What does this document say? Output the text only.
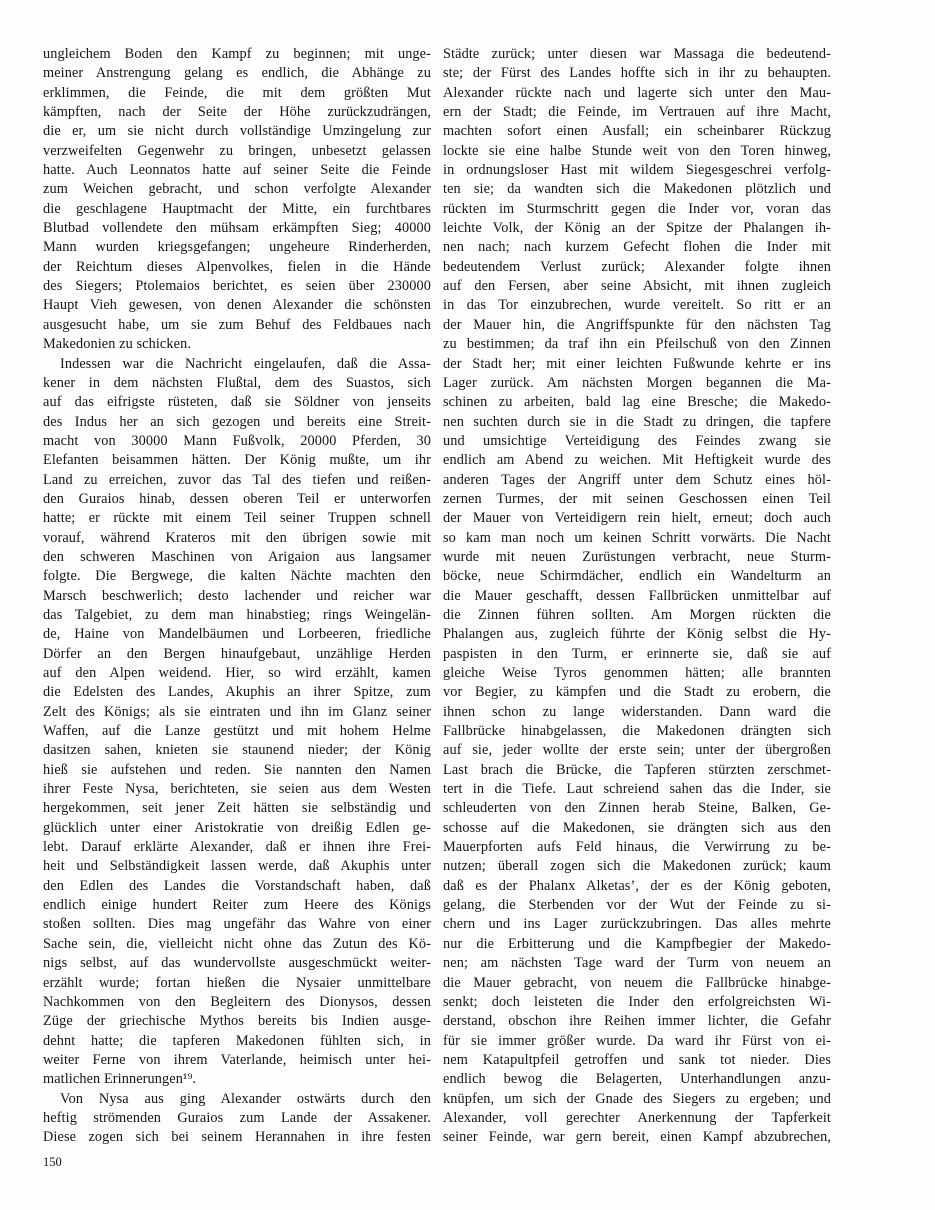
ungleichem Boden den Kampf zu beginnen; mit unge-
meiner Anstrengung gelang es endlich, die Abhänge zu
erklimmen, die Feinde, die mit dem größten Mut
kämpften, nach der Seite der Höhe zurückzudrängen,
die er, um sie nicht durch vollständige Umzingelung zur
verzweifelten Gegenwehr zu bringen, unbesetzt gelassen
hatte. Auch Leonnatos hatte auf seiner Seite die Feinde
zum Weichen gebracht, und schon verfolgte Alexander
die geschlagene Hauptmacht der Mitte, ein furchtbares
Blutbad vollendete den mühsam erkämpften Sieg; 40000
Mann wurden kriegsgefangen; ungeheure Rinderherden,
der Reichtum dieses Alpenvolkes, fielen in die Hände
des Siegers; Ptolemaios berichtet, es seien über 230000
Haupt Vieh gewesen, von denen Alexander die schönsten
ausgesucht habe, um sie zum Behuf des Feldbaues nach
Makedonien zu schicken.
Indessen war die Nachricht eingelaufen, daß die Assa-
kener in dem nächsten Flußtal, dem des Suastos, sich
auf das eifrigste rüsteten, daß sie Söldner von jenseits
des Indus her an sich gezogen und bereits eine Streit-
macht von 30000 Mann Fußvolk, 20000 Pferden, 30
Elefanten beisammen hätten. Der König mußte, um ihr
Land zu erreichen, zuvor das Tal des tiefen und reißen-
den Guraios hinab, dessen oberen Teil er unterworfen
hatte; er rückte mit einem Teil seiner Truppen schnell
vorauf, während Krateros mit den übrigen sowie mit
den schweren Maschinen von Arigaion aus langsamer
folgte. Die Bergwege, die kalten Nächte machten den
Marsch beschwerlich; desto lachender und reicher war
das Talgebiet, zu dem man hinabstieg; rings Weingelän-
de, Haine von Mandelbäumen und Lorbeeren, friedliche
Dörfer an den Bergen hinaufgebaut, unzählige Herden
auf den Alpen weidend. Hier, so wird erzählt, kamen
die Edelsten des Landes, Akuphis an ihrer Spitze, zum
Zelt des Königs; als sie eintraten und ihn im Glanz seiner
Waffen, auf die Lanze gestützt und mit hohem Helme
dasitzen sahen, knieten sie staunend nieder; der König
hieß sie aufstehen und reden. Sie nannten den Namen
ihrer Feste Nysa, berichteten, sie seien aus dem Westen
hergekommen, seit jener Zeit hätten sie selbständig und
glücklich unter einer Aristokratie von dreißig Edlen ge-
lebt. Darauf erklärte Alexander, daß er ihnen ihre Frei-
heit und Selbständigkeit lassen werde, daß Akuphis unter
den Edlen des Landes die Vorstandschaft haben, daß
endlich einige hundert Reiter zum Heere des Königs
stoßen sollten. Dies mag ungefähr das Wahre von einer
Sache sein, die, vielleicht nicht ohne das Zutun des Kö-
nigs selbst, auf das wundervollste ausgeschmückt weiter-
erzählt wurde; fortan hießen die Nysaier unmittelbare
Nachkommen von den Begleitern des Dionysos, dessen
Züge der griechische Mythos bereits bis Indien ausge-
dehnt hatte; die tapferen Makedonen fühlten sich, in
weiter Ferne von ihrem Vaterlande, heimisch unter hei-
matlichen Erinnerungen¹⁹.
Von Nysa aus ging Alexander ostwärts durch den
heftig strömenden Guraios zum Lande der Assakener.
Diese zogen sich bei seinem Herannahen in ihre festen
Städte zurück; unter diesen war Massaga die bedeutend-
ste; der Fürst des Landes hoffte sich in ihr zu behaupten.
Alexander rückte nach und lagerte sich unter den Mau-
ern der Stadt; die Feinde, im Vertrauen auf ihre Macht,
machten sofort einen Ausfall; ein scheinbarer Rückzug
lockte sie eine halbe Stunde weit von den Toren hinweg,
in ordnungsloser Hast mit wildem Siegesgeschrei verfolg-
ten sie; da wandten sich die Makedonen plötzlich und
rückten im Sturmschritt gegen die Inder vor, voran das
leichte Volk, der König an der Spitze der Phalangen ih-
nen nach; nach kurzem Gefecht flohen die Inder mit
bedeutendem Verlust zurück; Alexander folgte ihnen
auf den Fersen, aber seine Absicht, mit ihnen zugleich
in das Tor einzubrechen, wurde vereitelt. So ritt er an
der Mauer hin, die Angriffspunkte für den nächsten Tag
zu bestimmen; da traf ihn ein Pfeilschuß von den Zinnen
der Stadt her; mit einer leichten Fußwunde kehrte er ins
Lager zurück. Am nächsten Morgen begannen die Ma-
schinen zu arbeiten, bald lag eine Bresche; die Makedo-
nen suchten durch sie in die Stadt zu dringen, die tapfere
und umsichtige Verteidigung des Feindes zwang sie
endlich am Abend zu weichen. Mit Heftigkeit wurde des
anderen Tages der Angriff unter dem Schutz eines höl-
zernen Turmes, der mit seinen Geschossen einen Teil
der Mauer von Verteidigern rein hielt, erneut; doch auch
so kam man noch um keinen Schritt vorwärts. Die Nacht
wurde mit neuen Zurüstungen verbracht, neue Sturm-
böcke, neue Schirmdächer, endlich ein Wandelturm an
die Mauer geschafft, dessen Fallbrücken unmittelbar auf
die Zinnen führen sollten. Am Morgen rückten die
Phalangen aus, zugleich führte der König selbst die Hy-
paspisten in den Turm, er erinnerte sie, daß sie auf
gleiche Weise Tyros genommen hätten; alle brannten
vor Begier, zu kämpfen und die Stadt zu erobern, die
ihnen schon zu lange widerstanden. Dann ward die
Fallbrücke hinabgelassen, die Makedonen drängten sich
auf sie, jeder wollte der erste sein; unter der übergroßen
Last brach die Brücke, die Tapferen stürzten zerschmet-
tert in die Tiefe. Laut schreiend sahen das die Inder, sie
schleuderten von den Zinnen herab Steine, Balken, Ge-
schosse auf die Makedonen, sie drängten sich aus den
Mauerpforten aufs Feld hinaus, die Verwirrung zu be-
nutzen; überall zogen sich die Makedonen zurück; kaum
daß es der Phalanx Alketas’, der es der König geboten,
gelang, die Sterbenden vor der Wut der Feinde zu si-
chern und ins Lager zurückzubringen. Das alles mehrte
nur die Erbitterung und die Kampfbegier der Makedo-
nen; am nächsten Tage ward der Turm von neuem an
die Mauer gebracht, von neuem die Fallbrücke hinabge-
senkt; doch leisteten die Inder den erfolgreichsten Wi-
derstand, obschon ihre Reihen immer lichter, die Gefahr
für sie immer größer wurde. Da ward ihr Fürst von ei-
nem Katapultpfeil getroffen und sank tot nieder. Dies
endlich bewog die Belagerten, Unterhandlungen anzu-
knüpfen, um sich der Gnade des Siegers zu ergeben; und
Alexander, voll gerechter Anerkennung der Tapferkeit
seiner Feinde, war gern bereit, einen Kampf abzubrechen,
150
